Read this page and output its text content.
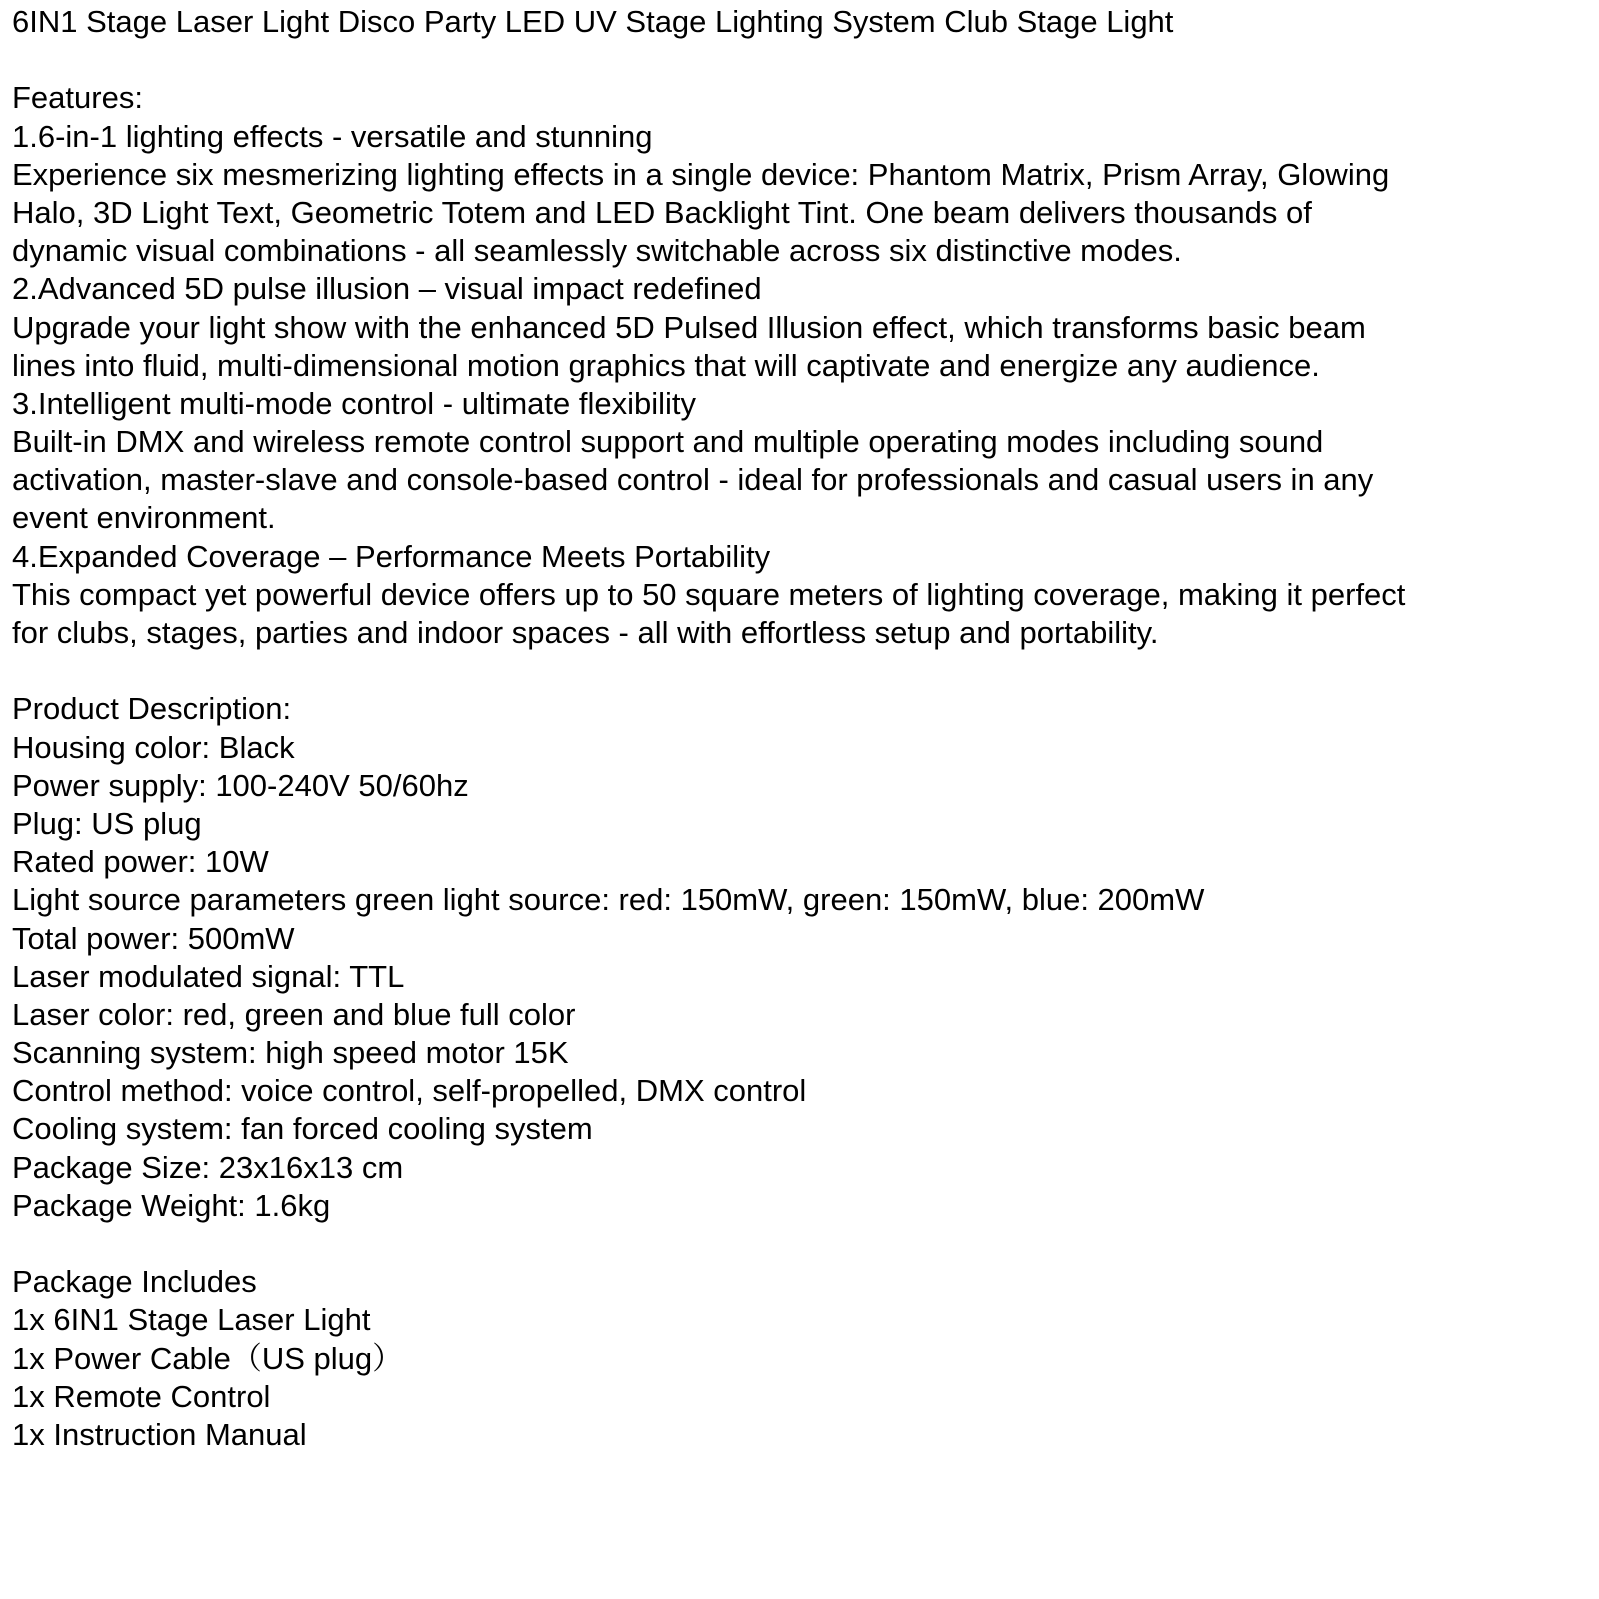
6IN1 Stage Laser Light Disco Party LED UV Stage Lighting System Club Stage Light
Features:
1.6-in-1 lighting effects - versatile and stunning
Experience six mesmerizing lighting effects in a single device: Phantom Matrix, Prism Array, Glowing
Halo, 3D Light Text, Geometric Totem and LED Backlight Tint. One beam delivers thousands of
dynamic visual combinations - all seamlessly switchable across six distinctive modes.
2.Advanced 5D pulse illusion – visual impact redefined
Upgrade your light show with the enhanced 5D Pulsed Illusion effect, which transforms basic beam
lines into fluid, multi-dimensional motion graphics that will captivate and energize any audience.
3.Intelligent multi-mode control - ultimate flexibility
Built-in DMX and wireless remote control support and multiple operating modes including sound
activation, master-slave and console-based control - ideal for professionals and casual users in any
event environment.
4.Expanded Coverage – Performance Meets Portability
This compact yet powerful device offers up to 50 square meters of lighting coverage, making it perfect
for clubs, stages, parties and indoor spaces - all with effortless setup and portability.
Product Description:
Housing color: Black
Power supply: 100-240V 50/60hz
Plug: US plug
Rated power: 10W
Light source parameters green light source: red: 150mW, green: 150mW, blue: 200mW
Total power: 500mW
Laser modulated signal: TTL
Laser color: red, green and blue full color
Scanning system: high speed motor 15K
Control method: voice control, self-propelled, DMX control
Cooling system: fan forced cooling system
Package Size: 23x16x13 cm
Package Weight: 1.6kg
Package Includes
1x 6IN1 Stage Laser Light
1x Power Cable（US plug）
1x Remote Control
1x Instruction Manual
